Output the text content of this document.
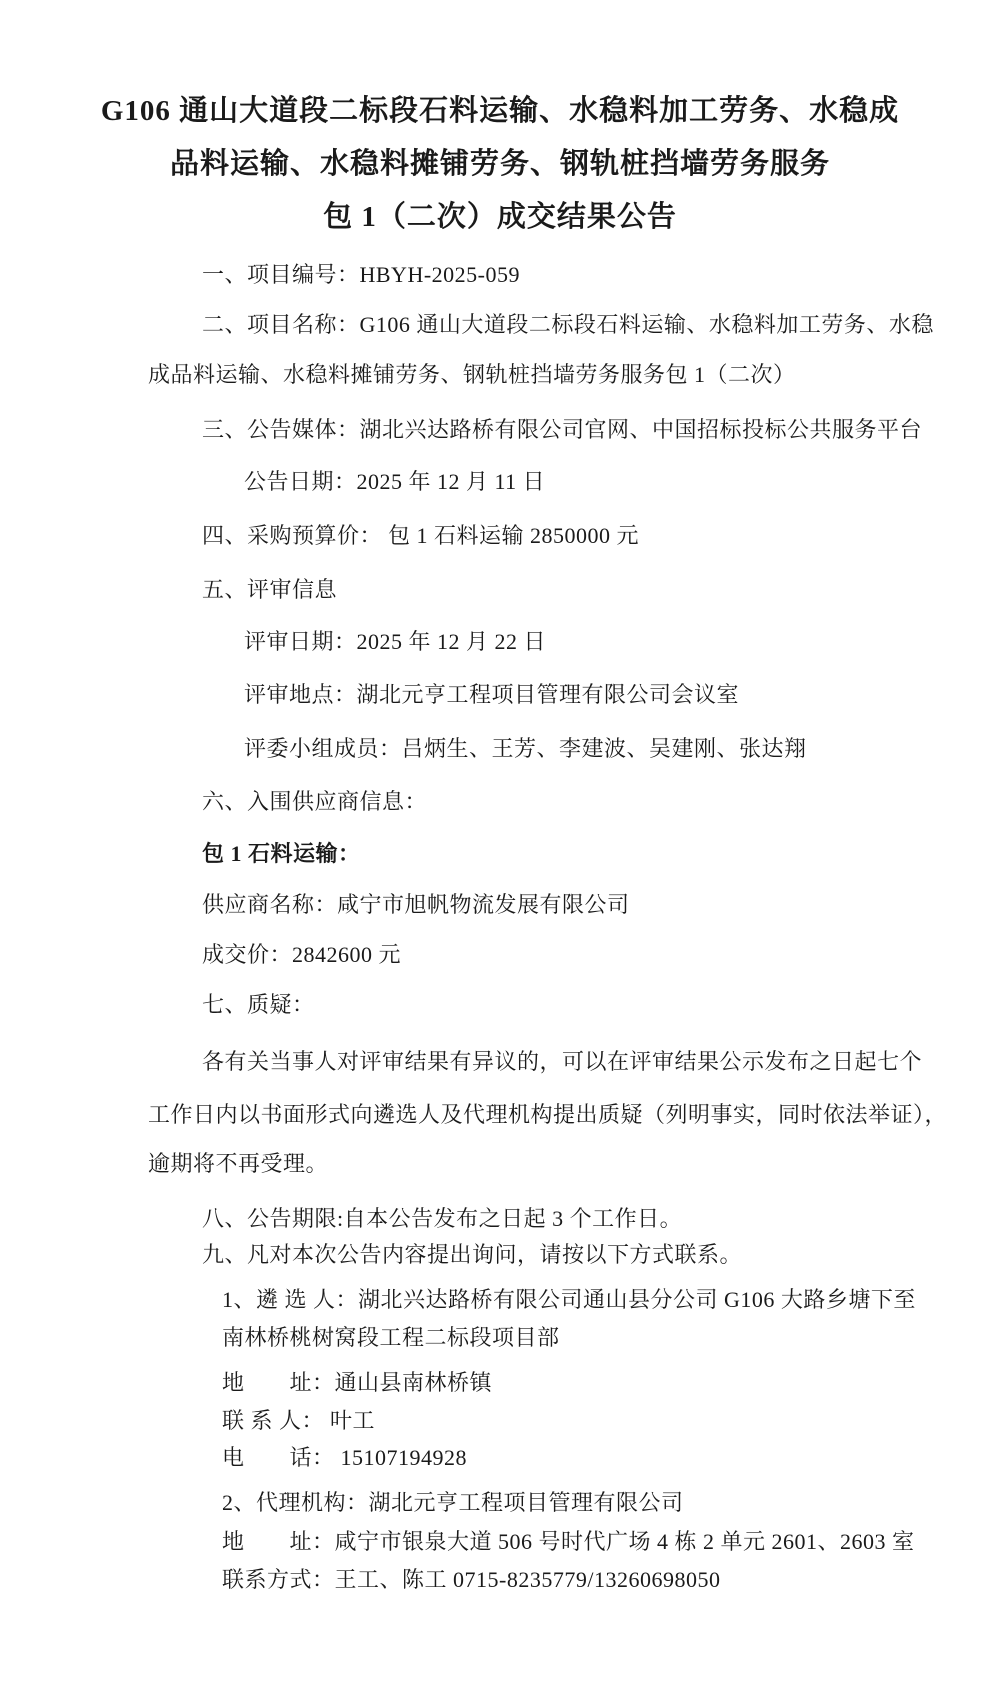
G106 通山大道段二标段石料运输、水稳料加工劳务、水稳成
品料运输、水稳料摊铺劳务、钢轨桩挡墙劳务服务
包 1（二次）成交结果公告
一、项目编号：HBYH-2025-059
二、项目名称：G106 通山大道段二标段石料运输、水稳料加工劳务、水稳
成品料运输、水稳料摊铺劳务、钢轨桩挡墙劳务服务包 1（二次）
三、公告媒体：湖北兴达路桥有限公司官网、中国招标投标公共服务平台
公告日期：2025 年 12 月 11 日
四、采购预算价： 包 1 石料运输 2850000 元
五、评审信息
评审日期：2025 年 12 月 22 日
评审地点：湖北元亨工程项目管理有限公司会议室
评委小组成员：吕炳生、王芳、李建波、吴建刚、张达翔
六、入围供应商信息：
包 1 石料运输：
供应商名称：咸宁市旭帆物流发展有限公司
成交价：2842600 元
七、质疑：
各有关当事人对评审结果有异议的，可以在评审结果公示发布之日起七个
工作日内以书面形式向遴选人及代理机构提出质疑（列明事实，同时依法举证），
逾期将不再受理。
八、公告期限:自本公告发布之日起 3 个工作日。
九、凡对本次公告内容提出询问，请按以下方式联系。
1、遴 选 人：湖北兴达路桥有限公司通山县分公司 G106 大路乡塘下至
南林桥桃树窝段工程二标段项目部
地　　址：通山县南林桥镇
联 系 人： 叶工
电　　话： 15107194928
2、代理机构：湖北元亨工程项目管理有限公司
地　　址：咸宁市银泉大道 506 号时代广场 4 栋 2 单元 2601、2603 室
联系方式：王工、陈工 0715-8235779/13260698050
